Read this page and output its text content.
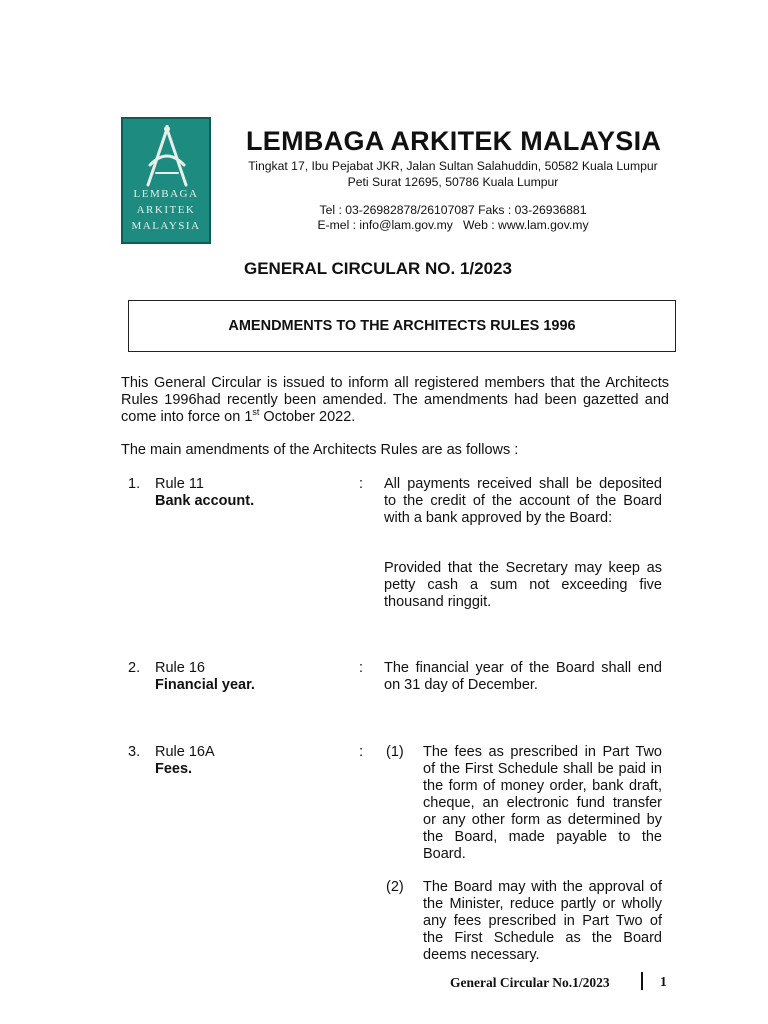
LEMBAGA
ARKITEK
MALAYSIA
LEMBAGA ARKITEK MALAYSIA
Tingkat 17, Ibu Pejabat JKR, Jalan Sultan Salahuddin, 50582 Kuala Lumpur
Peti Surat 12695, 50786 Kuala Lumpur
Tel : 03-26982878/26107087 Faks : 03-26936881
E-mel : info@lam.gov.my   Web : www.lam.gov.my
GENERAL CIRCULAR NO. 1/2023
AMENDMENTS TO THE ARCHITECTS RULES 1996
This General Circular is issued to inform all registered members that the Architects Rules 1996had recently been amended. The amendments had been gazetted and come into force on 1st October 2022.
The main amendments of the Architects Rules are as follows :
1. Rule 11
Bank account.
: All payments received shall be deposited to the credit of the account of the Board with a bank approved by the Board:
Provided that the Secretary may keep as petty cash a sum not exceeding five thousand ringgit.
2. Rule 16
Financial year.
: The financial year of the Board shall end on 31 day of December.
3. Rule 16A
Fees.
: (1) The fees as prescribed in Part Two of the First Schedule shall be paid in the form of money order, bank draft, cheque, an electronic fund transfer or any other form as determined by the Board, made payable to the Board.
(2) The Board may with the approval of the Minister, reduce partly or wholly any fees prescribed in Part Two of the First Schedule as the Board deems necessary.
General Circular No.1/2023	1
